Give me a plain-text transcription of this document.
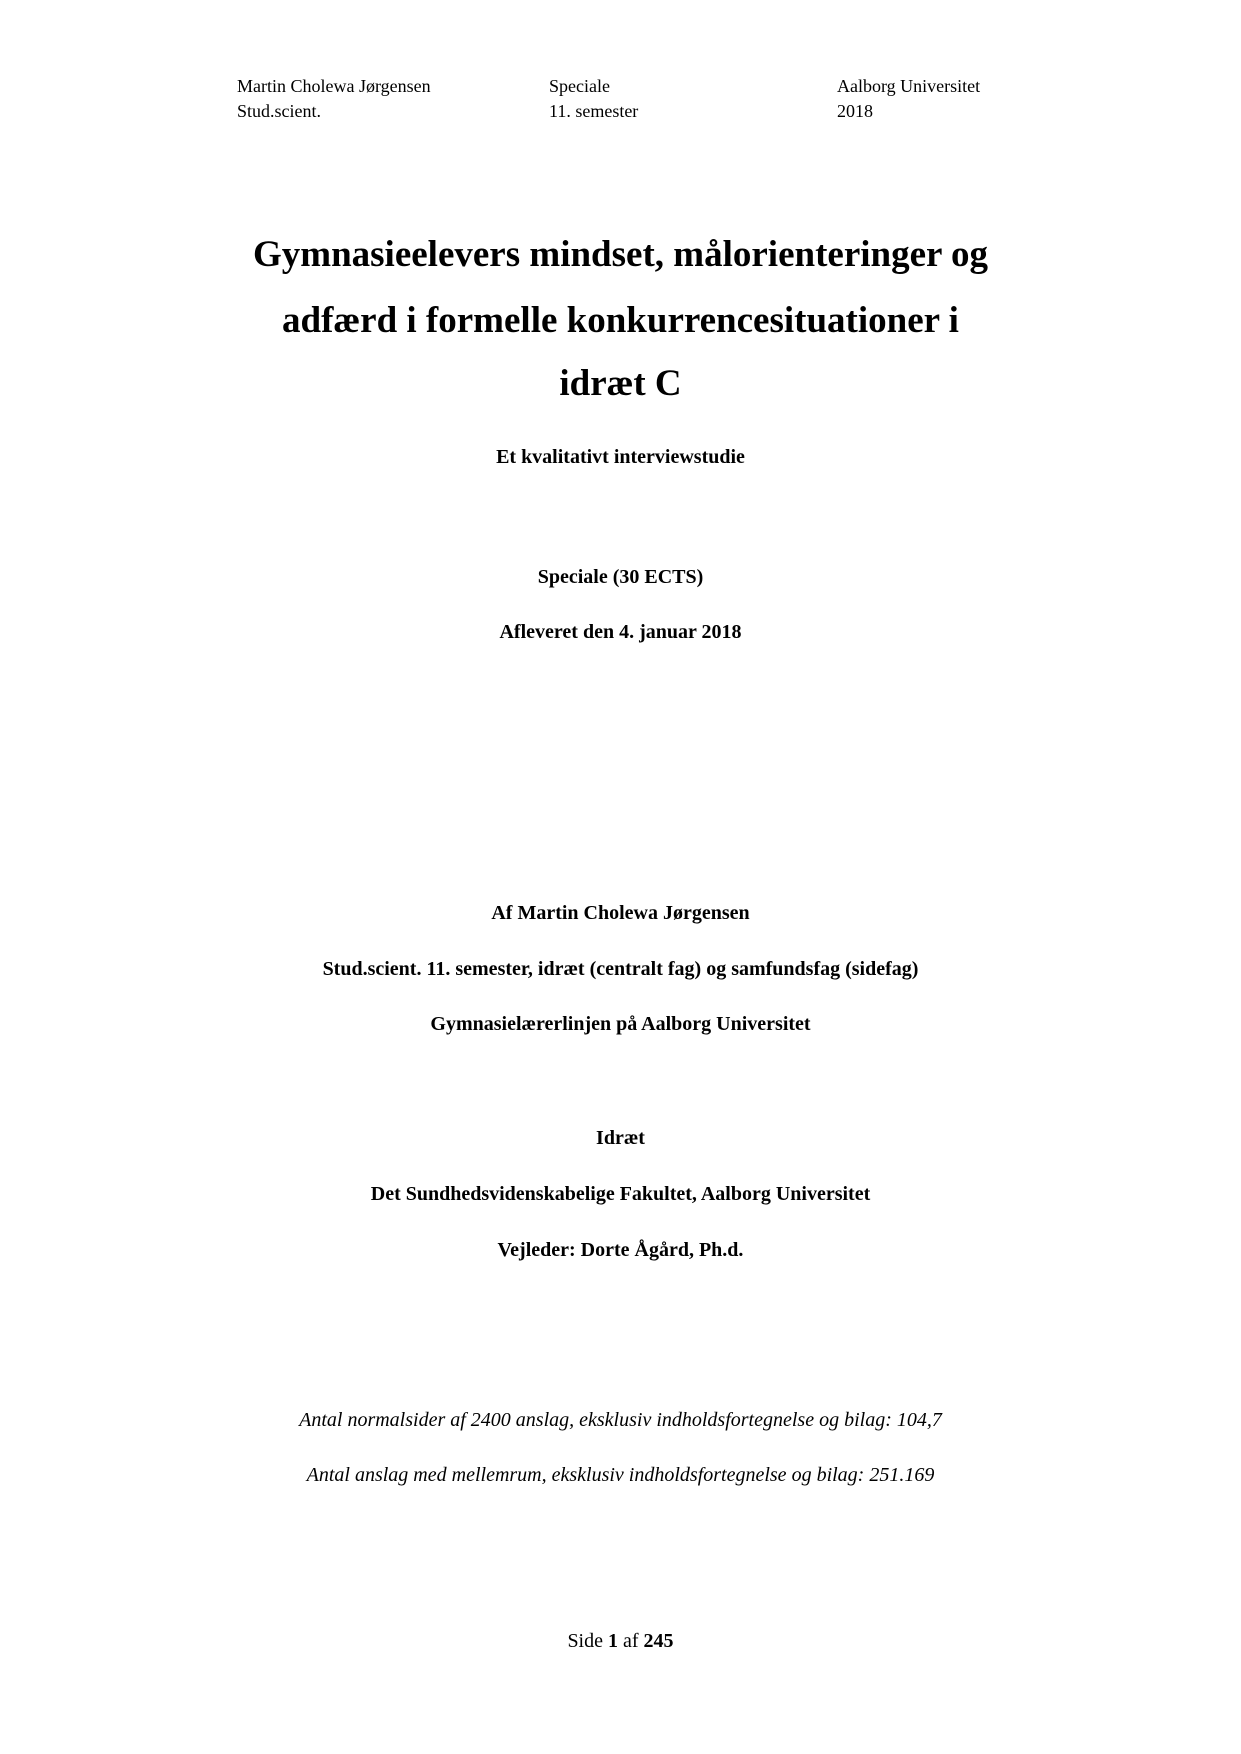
Martin Cholewa Jørgensen
Stud.scient.
Speciale
11. semester
Aalborg Universitet
2018
Gymnasieelevers mindset, målorienteringer og
adfærd i formelle konkurrencesituationer i
idræt C
Et kvalitativt interviewstudie
Speciale (30 ECTS)
Afleveret den 4. januar 2018
Af Martin Cholewa Jørgensen
Stud.scient. 11. semester, idræt (centralt fag) og samfundsfag (sidefag)
Gymnasielærerlinjen på Aalborg Universitet
Idræt
Det Sundhedsvidenskabelige Fakultet, Aalborg Universitet
Vejleder: Dorte Ågård, Ph.d.
Antal normalsider af 2400 anslag, eksklusiv indholdsfortegnelse og bilag: 104,7
Antal anslag med mellemrum, eksklusiv indholdsfortegnelse og bilag: 251.169
Side 1 af 245
